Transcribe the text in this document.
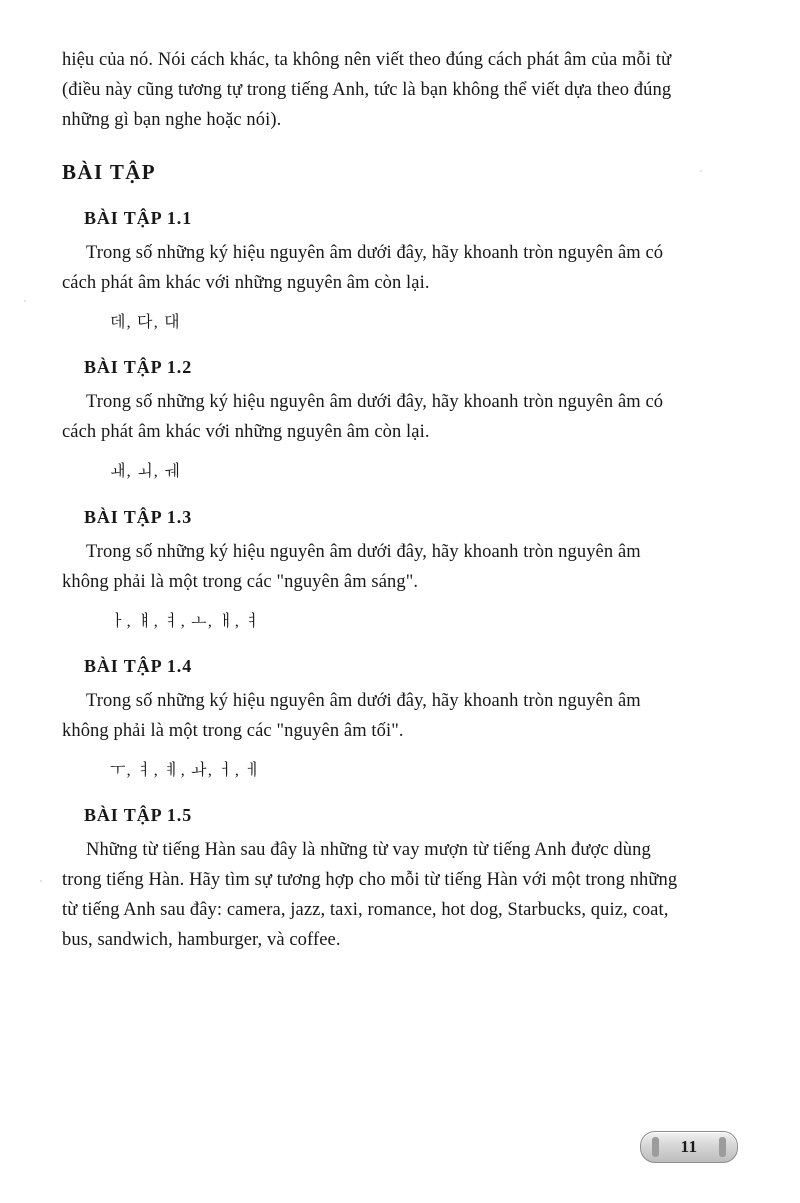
hiệu của nó. Nói cách khác, ta không nên viết theo đúng cách phát âm của mỗi từ
(điều này cũng tương tự trong tiếng Anh, tức là bạn không thể viết dựa theo đúng
những gì bạn nghe hoặc nói).

BÀI TẬP
BÀI TẬP 1.1

Trong số những ký hiệu nguyên âm dưới đây, hãy khoanh tròn nguyên âm có
cách phát âm khác với những nguyên âm còn lại.

데, 다, 대

BÀI TẬP 1.2

Trong số những ký hiệu nguyên âm dưới đây, hãy khoanh tròn nguyên âm có
cách phát âm khác với những nguyên âm còn lại.

ㅙ, ㅚ, ㅞ

BÀI TẬP 1.3

Trong số những ký hiệu nguyên âm dưới đây, hãy khoanh tròn nguyên âm
không phải là một trong các "nguyên âm sáng".

ㅏ, ㅒ, ㅕ, ㅗ, ㅐ, ㅕ

BÀI TẬP 1.4

Trong số những ký hiệu nguyên âm dưới đây, hãy khoanh tròn nguyên âm
không phải là một trong các "nguyên âm tối".

ㅜ, ㅕ, ㅖ, ㅘ, ㅓ, ㅔ

BÀI TẬP 1.5

Những từ tiếng Hàn sau đây là những từ vay mượn từ tiếng Anh được dùng
trong tiếng Hàn. Hãy tìm sự tương hợp cho mỗi từ tiếng Hàn với một trong những
từ tiếng Anh sau đây: camera, jazz, taxi, romance, hot dog, Starbucks, quiz, coat,
bus, sandwich, hamburger, và coffee.

11
